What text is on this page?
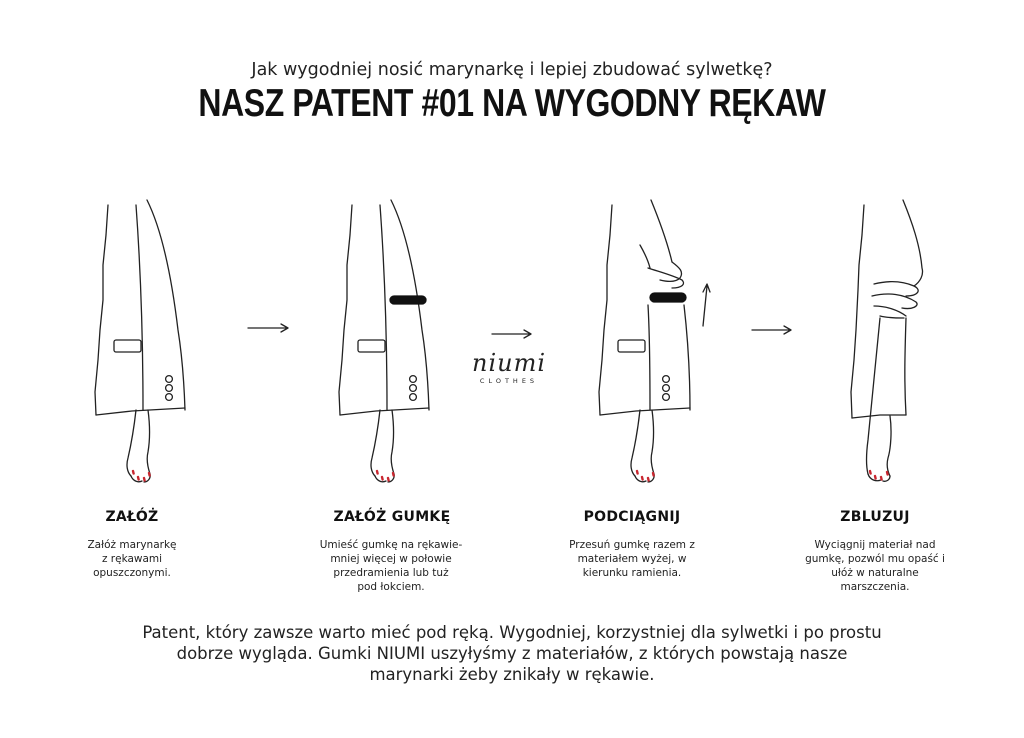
Jak wygodniej nosić marynarkę i lepiej zbudować sylwetkę?
NASZ PATENT #01 NA WYGODNY RĘKAW
niumi
CLOTHES
ZAŁÓŻ
Załóż marynarkę
z rękawami
opuszczonymi.
ZAŁÓŻ GUMKĘ
Umieść gumkę na rękawie-
mniej więcej w połowie
przedramienia lub tuż
pod łokciem.
PODCIĄGNIJ
Przesuń gumkę razem z
materiałem wyżej, w
kierunku ramienia.
ZBLUZUJ
Wyciągnij materiał nad
gumkę, pozwól mu opaść i
ułóż w naturalne
marszczenia.
Patent, który zawsze warto mieć pod ręką. Wygodniej, korzystniej dla sylwetki i po prostu
dobrze wygląda. Gumki NIUMI uszyłyśmy z materiałów, z których powstają nasze
marynarki żeby znikały w rękawie.
